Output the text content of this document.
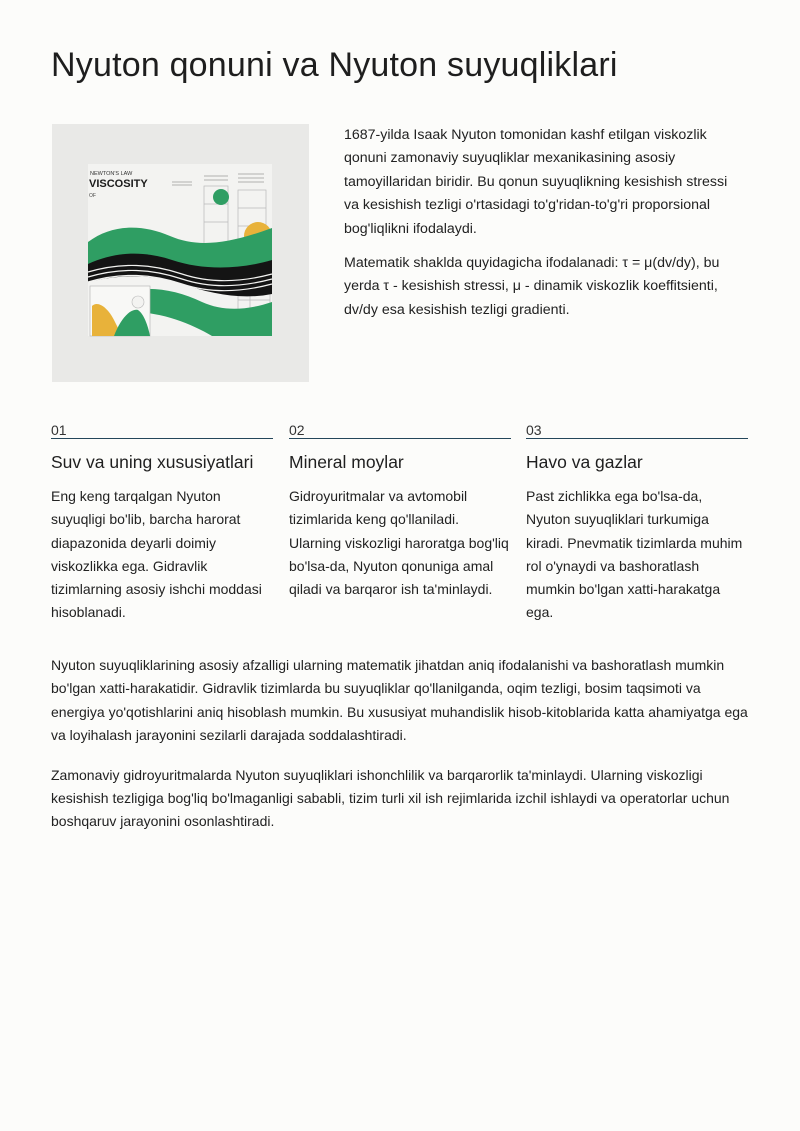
Nyuton qonuni va Nyuton suyuqliklari
NEWTON'S LAW
VISCOSITY
OF

1687-yilda Isaak Nyuton tomonidan kashf etilgan viskozlik qonuni zamonaviy suyuqliklar mexanikasining asosiy tamoyillaridan biridir. Bu qonun suyuqlikning kesishish stressi va kesishish tezligi o'rtasidagi to'g'ridan-to'g'ri proporsional bog'liqlikni ifodalaydi.

Matematik shaklda quyidagicha ifodalanadi: τ = μ(dv/dy), bu yerda τ - kesishish stressi, μ - dinamik viskozlik koeffitsienti, dv/dy esa kesishish tezligi gradienti.

01
Suv va uning xususiyatlari

Eng keng tarqalgan Nyuton suyuqligi bo'lib, barcha harorat diapazonida deyarli doimiy viskozlikka ega. Gidravlik tizimlarning asosiy ishchi moddasi hisoblanadi.

02
Mineral moylar

Gidroyuritmalar va avtomobil tizimlarida keng qo'llaniladi. Ularning viskozligi haroratga bog'liq bo'lsa-da, Nyuton qonuniga amal qiladi va barqaror ish ta'minlaydi.

03
Havo va gazlar

Past zichlikka ega bo'lsa-da, Nyuton suyuqliklari turkumiga kiradi. Pnevmatik tizimlarda muhim rol o'ynaydi va bashoratlash mumkin bo'lgan xatti-harakatga ega.

Nyuton suyuqliklarining asosiy afzalligi ularning matematik jihatdan aniq ifodalanishi va bashoratlash mumkin bo'lgan xatti-harakatidir. Gidravlik tizimlarda bu suyuqliklar qo'llanilganda, oqim tezligi, bosim taqsimoti va energiya yo'qotishlarini aniq hisoblash mumkin. Bu xususiyat muhandislik hisob-kitoblarida katta ahamiyatga ega va loyihalash jarayonini sezilarli darajada soddalashtiradi.

Zamonaviy gidroyuritmalarda Nyuton suyuqliklari ishonchlilik va barqarorlik ta'minlaydi. Ularning viskozligi kesishish tezligiga bog'liq bo'lmaganligi sababli, tizim turli xil ish rejimlarida izchil ishlaydi va operatorlar uchun boshqaruv jarayonini osonlashtiradi.
